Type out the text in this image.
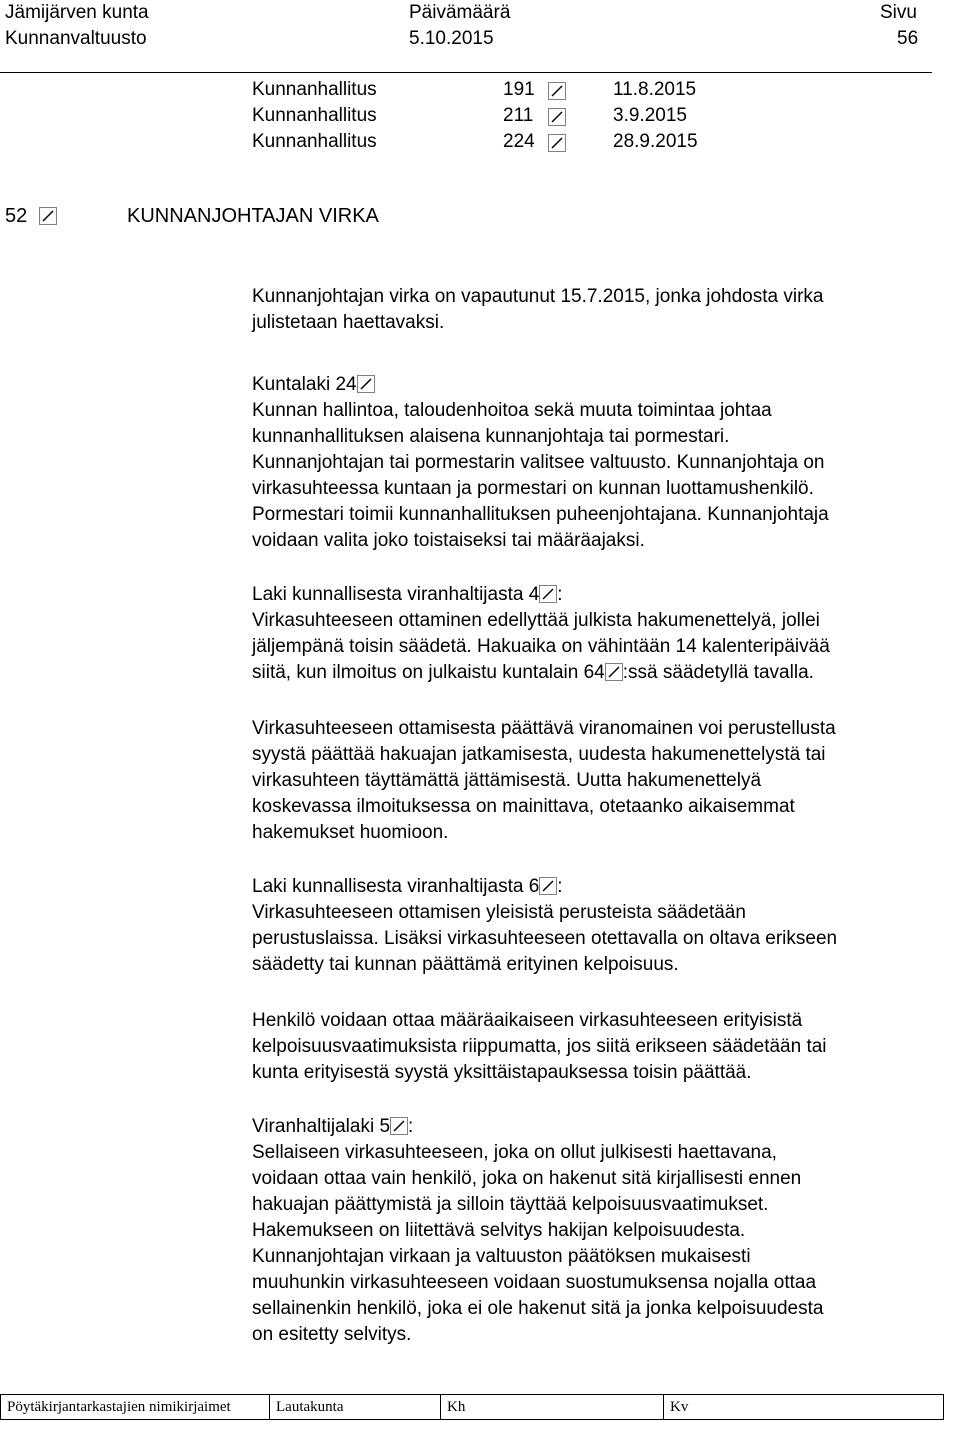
Jämijärven kunta
Kunnanvaltuusto
Päivämäärä
5.10.2015
Sivu
56
Kunnanhallitus	191	11.8.2015
Kunnanhallitus	211	3.9.2015
Kunnanhallitus	224	28.9.2015
52	KUNNANJOHTAJAN VIRKA
Kunnanjohtajan virka on vapautunut 15.7.2015, jonka johdosta virka
julistetaan haettavaksi.
Kuntalaki 24
Kunnan hallintoa, taloudenhoitoa sekä muuta toimintaa johtaa
kunnanhallituksen alaisena kunnanjohtaja tai pormestari.
Kunnanjohtajan tai pormestarin valitsee valtuusto. Kunnanjohtaja on
virkasuhteessa kuntaan ja pormestari on kunnan luottamushenkilö.
Pormestari toimii kunnanhallituksen puheenjohtajana. Kunnanjohtaja
voidaan valita joko toistaiseksi tai määräajaksi.
Laki kunnallisesta viranhaltijasta 4 :
Virkasuhteeseen ottaminen edellyttää julkista hakumenettelyä, jollei
jäljempänä toisin säädetä. Hakuaika on vähintään 14 kalenteripäivää
siitä, kun ilmoitus on julkaistu kuntalain 64 :ssä säädetyllä tavalla.
Virkasuhteeseen ottamisesta päättävä viranomainen voi perustellusta
syystä päättää hakuajan jatkamisesta, uudesta hakumenettelystä tai
virkasuhteen täyttämättä jättämisestä. Uutta hakumenettelyä
koskevassa ilmoituksessa on mainittava, otetaanko aikaisemmat
hakemukset huomioon.
Laki kunnallisesta viranhaltijasta 6 :
Virkasuhteeseen ottamisen yleisistä perusteista säädetään
perustuslaissa. Lisäksi virkasuhteeseen otettavalla on oltava erikseen
säädetty tai kunnan päättämä erityinen kelpoisuus.
Henkilö voidaan ottaa määräaikaiseen virkasuhteeseen erityisistä
kelpoisuusvaatimuksista riippumatta, jos siitä erikseen säädetään tai
kunta erityisestä syystä yksittäistapauksessa toisin päättää.
Viranhaltijalaki 5 :
Sellaiseen virkasuhteeseen, joka on ollut julkisesti haettavana,
voidaan ottaa vain henkilö, joka on hakenut sitä kirjallisesti ennen
hakuajan päättymistä ja silloin täyttää kelpoisuusvaatimukset.
Hakemukseen on liitettävä selvitys hakijan kelpoisuudesta.
Kunnanjohtajan virkaan ja valtuuston päätöksen mukaisesti
muuhunkin virkasuhteeseen voidaan suostumuksensa nojalla ottaa
sellainenkin henkilö, joka ei ole hakenut sitä ja jonka kelpoisuudesta
on esitetty selvitys.
Pöytäkirjantarkastajien nimikirjaimet	Lautakunta	Kh	Kv
